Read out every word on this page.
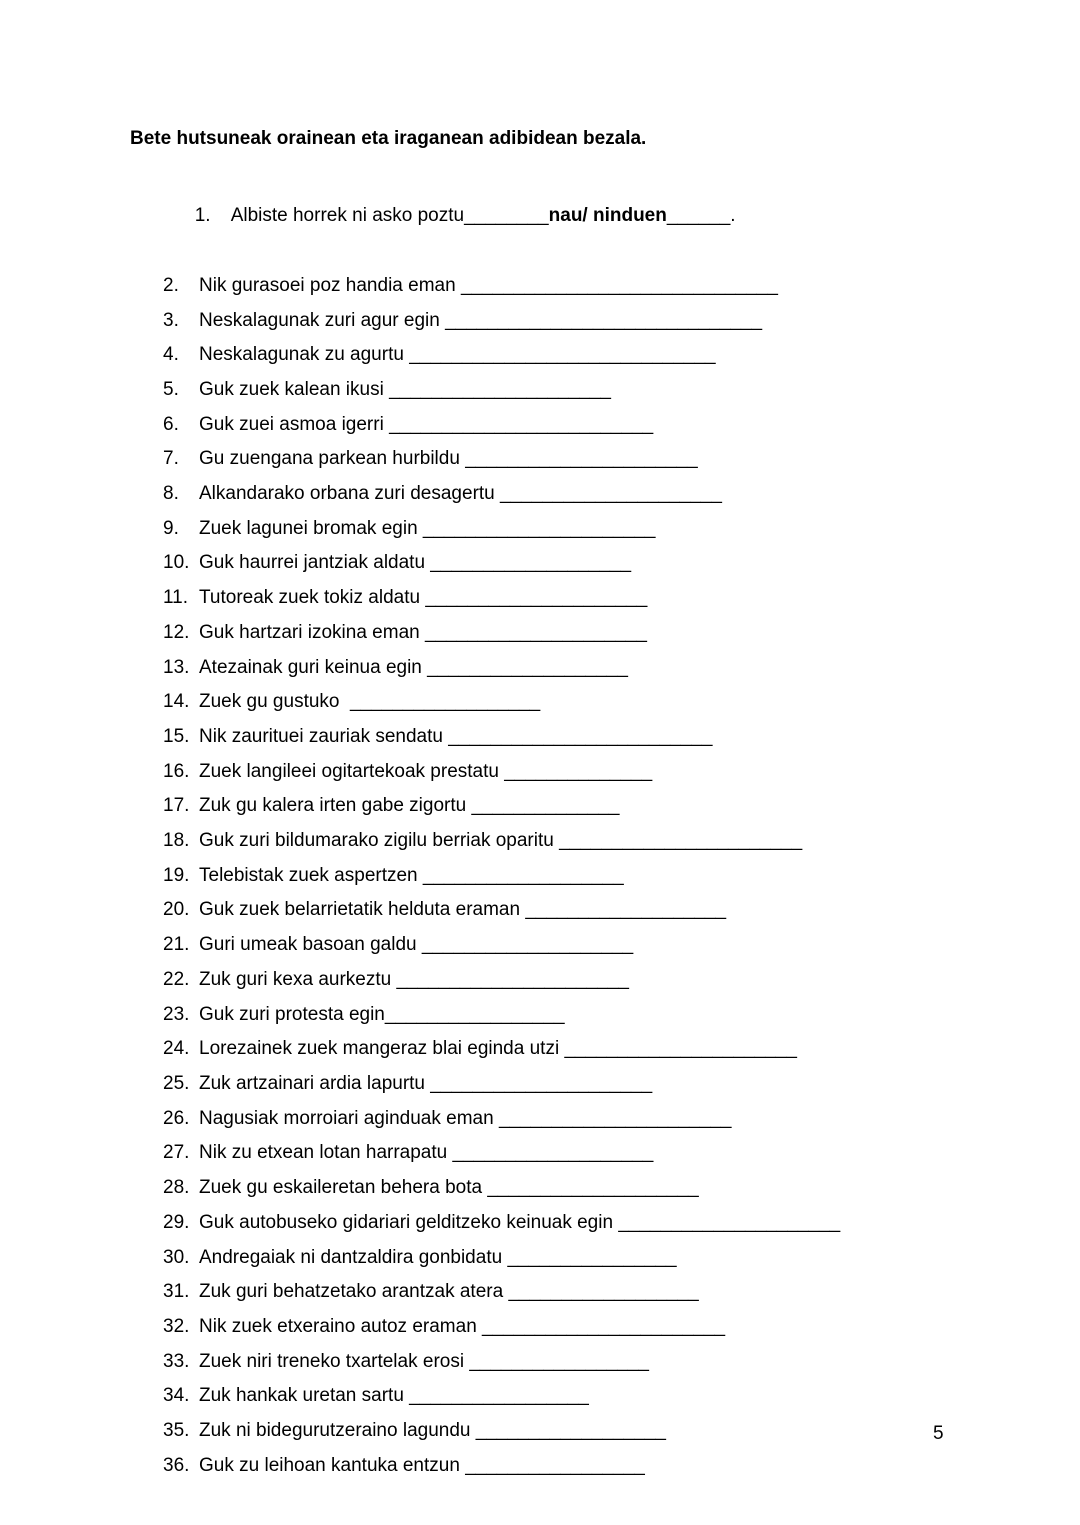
Bete hutsuneak orainean eta iraganean adibidean bezala.

1. Albiste horrek ni asko poztu________nau/ ninduen______.

2. Nik gurasoei poz handia eman ______________________________
3. Neskalagunak zuri agur egin ______________________________
4. Neskalagunak zu agurtu _____________________________
5. Guk zuek kalean ikusi _____________________
6. Guk zuei asmoa igerri _________________________
7. Gu zuengana parkean hurbildu ______________________
8. Alkandarako orbana zuri desagertu _____________________
9. Zuek lagunei bromak egin ______________________
10. Guk haurrei jantziak aldatu ___________________
11. Tutoreak zuek tokiz aldatu _____________________
12. Guk hartzari izokina eman _____________________
13. Atezainak guri keinua egin ___________________
14. Zuek gu gustuko  __________________
15. Nik zaurituei zauriak sendatu _________________________
16. Zuek langileei ogitartekoak prestatu ______________
17. Zuk gu kalera irten gabe zigortu ______________
18. Guk zuri bildumarako zigilu berriak oparitu _______________________
19. Telebistak zuek aspertzen ___________________
20. Guk zuek belarrietatik helduta eraman ___________________
21. Guri umeak basoan galdu ____________________
22. Zuk guri kexa aurkeztu ______________________
23. Guk zuri protesta egin_________________
24. Lorezainek zuek mangeraz blai eginda utzi ______________________
25. Zuk artzainari ardia lapurtu _____________________
26. Nagusiak morroiari aginduak eman ______________________
27. Nik zu etxean lotan harrapatu ___________________
28. Zuek gu eskaileretan behera bota ____________________
29. Guk autobuseko gidariari gelditzeko keinuak egin _____________________
30. Andregaiak ni dantzaldira gonbidatu ________________
31. Zuk guri behatzetako arantzak atera __________________
32. Nik zuek etxeraino autoz eraman _______________________
33. Zuek niri treneko txartelak erosi _________________
34. Zuk hankak uretan sartu _________________
35. Zuk ni bidegurutzeraino lagundu __________________
36. Guk zu leihoan kantuka entzun _________________
5
